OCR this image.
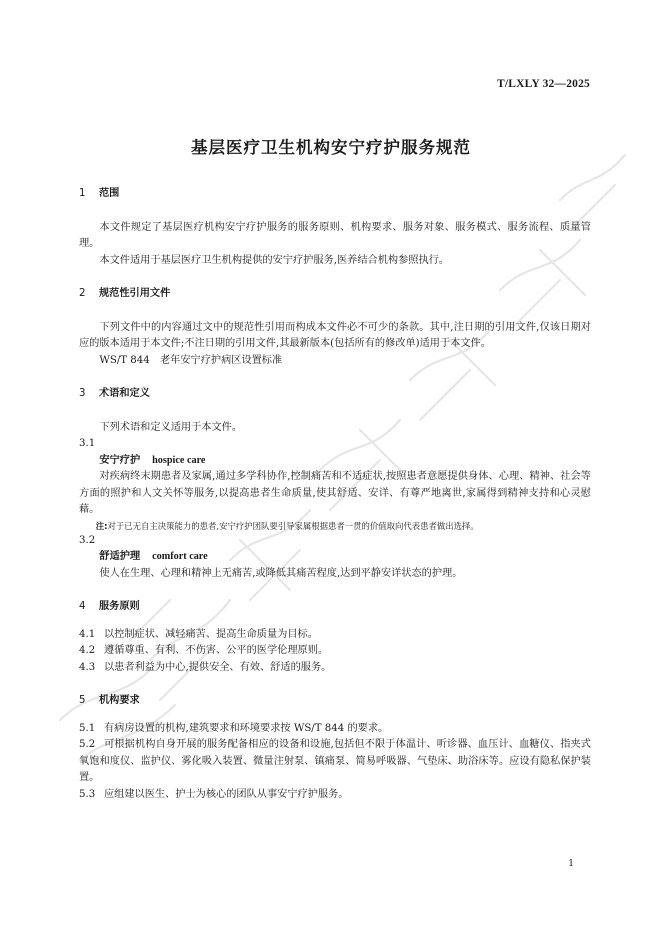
T/LXLY 32—2025
基层医疗卫生机构安宁疗护服务规范

1 范围

本文件规定了基层医疗机构安宁疗护服务的服务原则、机构要求、服务对象、服务模式、服务流程、质量管理。

本文件适用于基层医疗卫生机构提供的安宁疗护服务,医养结合机构参照执行。

2 规范性引用文件

下列文件中的内容通过文中的规范性引用而构成本文件必不可少的条款。其中,注日期的引用文件,仅该日期对应的版本适用于本文件;不注日期的引用文件,其最新版本(包括所有的修改单)适用于本文件。

WS/T 844　老年安宁疗护病区设置标准

3 术语和定义

下列术语和定义适用于本文件。

3.1

安宁疗护 hospice care

对疾病终末期患者及家属,通过多学科协作,控制痛苦和不适症状,按照患者意愿提供身体、心理、精神、社会等方面的照护和人文关怀等服务,以提高患者生命质量,使其舒适、安详、有尊严地离世,家属得到精神支持和心灵慰藉。

注:对于已无自主决策能力的患者,安宁疗护团队要引导家属根据患者一贯的价值取向代表患者做出选择。

3.2

舒适护理 comfort care

使人在生理、心理和精神上无痛苦,或降低其痛苦程度,达到平静安详状态的护理。

4 服务原则

4.1 以控制症状、减轻痛苦、提高生命质量为目标。

4.2 遵循尊重、有利、不伤害、公平的医学伦理原则。

4.3 以患者利益为中心,提供安全、有效、舒适的服务。

5 机构要求

5.1 有病房设置的机构,建筑要求和环境要求按 WS/T 844 的要求。

5.2 可根据机构自身开展的服务配备相应的设备和设施,包括但不限于体温计、听诊器、血压计、血糖仪、指夹式氧饱和度仪、监护仪、雾化吸入装置、微量注射泵、镇痛泵、简易呼吸器、气垫床、助浴床等。应设有隐私保护装置。

5.3 应组建以医生、护士为核心的团队从事安宁疗护服务。

1
